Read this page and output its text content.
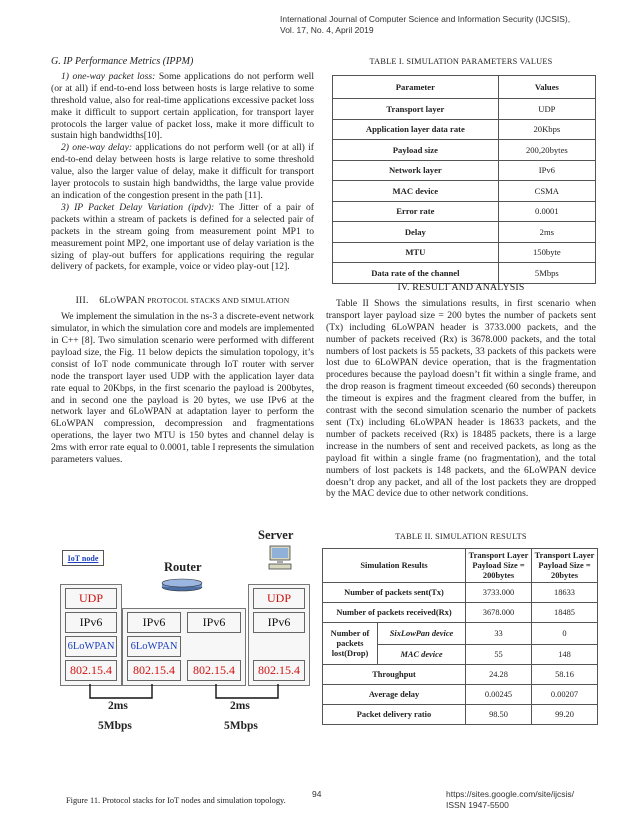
International Journal of Computer Science and Information Security (IJCSIS),
Vol. 17, No. 4, April 2019

G. IP Performance Metrics (IPPM)

1) one-way packet loss: Some applications do not perform well (or at all) if end-to-end loss between hosts is large relative to some threshold value, also for real-time applications excessive packet loss make it difficult to support certain application, for transport layer protocols the larger value of packet loss, make it more difficult to sustain high bandwidths[10].

2) one-way delay: applications do not perform well (or at all) if end-to-end delay between hosts is large relative to some threshold value, also the larger value of delay, make it difficult for transport layer protocols to sustain high bandwidths, the large value provide an indication of the congestion present in the path [11].

3) IP Packet Delay Variation (ipdv): The Jitter of a pair of packets within a stream of packets is defined for a selected pair of packets in the stream going from measurement point MP1 to measurement point MP2, one important use of delay variation is the sizing of play-out buffers for applications requiring the regular delivery of packets, for example, voice or video play-out [12].

III. 6LOWPAN PROTOCOL STACKS AND SIMULATION

We implement the simulation in the ns-3 a discrete-event network simulator, in which the simulation core and models are implemented in C++ [8]. Two simulation scenario were performed with different payload size, the Fig. 11 below depicts the simulation topology, it’s consist of IoT node communicate through IoT router with server node the transport layer used UDP with the application layer data rate equal to 20Kbps, in the first scenario the payload is 200bytes, and in second one the payload is 20 bytes, we use IPv6 at the network layer and 6LoWPAN at adaptation layer to perform the 6LoWPAN compression, decompression and fragmentations operations, the layer two MTU is 150 bytes and channel delay is 2ms with error rate equal to 0.0001, table I represents the simulation parameters values.

IoT node
Router
Server
UDP
IPv6
6LoWPAN
802.15.4
IPv6
6LoWPAN
802.15.4
IPv6
802.15.4
UDP
IPv6
802.15.4
2ms	2ms
5Mbps	5Mbps
Figure 11. Protocol stacks for IoT nodes and simulation topology.
TABLE I. SIMULATION PARAMETERS VALUES
Parameter	Values
Transport layer	UDP
Application layer data rate	20Kbps
Payload size	200,20bytes
Network layer	IPv6
MAC device	CSMA
Error rate	0.0001
Delay	2ms
MTU	150byte
Data rate of the channel	5Mbps

IV. RESULT AND ANALYSIS

Table II Shows the simulations results, in first scenario when transport layer payload size = 200 bytes the number of packets sent (Tx) including 6LoWPAN header is 3733.000 packets, and the number of packets received (Rx) is 3678.000 packets, and the total numbers of lost packets is 55 packets, 33 packets of this packets were lost due to 6LoWPAN device operation, that is the fragmentation procedures because the payload doesn’t fit within a single frame, and the drop reason is fragment timeout exceeded (60 seconds) thereupon the timeout is expires and the fragment cleared from the buffer, in contrast with the second simulation scenario the number of packets sent (Tx) including 6LoWPAN header is 18633 packets, and the number of packets received (Rx) is 18485 packets, there is a large increase in the numbers of sent and received packets, as long as the payload fit within a single frame (no fragmentation), and the total numbers of lost packets is 148 packets, and the 6LoWPAN device doesn’t drop any packet, and all of the lost packets they are dropped by the MAC device due to other network conditions.

TABLE II. SIMULATION RESULTS
Simulation Results		Transport Layer Payload Size = 200bytes	Transport Layer Payload Size = 20bytes
Number of packets sent(Tx)		3733.000	18633
Number of packets received(Rx)		3678.000	18485
Number of packets lost(Drop)	SixLowPan device	33	0
	MAC device	55	148
Throughput		24.28	58.16
Average delay		0.00245	0.00207
Packet delivery ratio		98.50	99.20
94	https://sites.google.com/site/ijcsis/
ISSN 1947-5500
